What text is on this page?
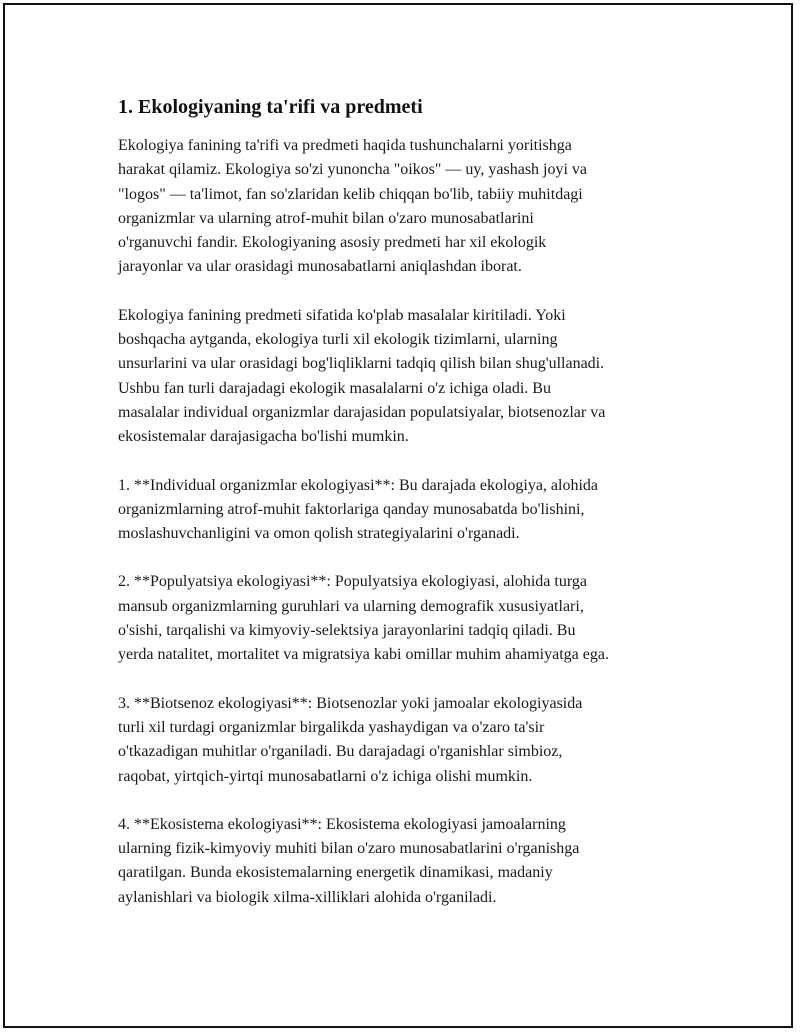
1. Ekologiyaning ta'rifi va predmeti

Ekologiya fanining ta'rifi va predmeti haqida tushunchalarni yoritishga
harakat qilamiz. Ekologiya so'zi yunoncha "oikos" — uy, yashash joyi va
"logos" — ta'limot, fan so'zlaridan kelib chiqqan bo'lib, tabiiy muhitdagi
organizmlar va ularning atrof-muhit bilan o'zaro munosabatlarini
o'rganuvchi fandir. Ekologiyaning asosiy predmeti har xil ekologik
jarayonlar va ular orasidagi munosabatlarni aniqlashdan iborat.

Ekologiya fanining predmeti sifatida ko'plab masalalar kiritiladi. Yoki
boshqacha aytganda, ekologiya turli xil ekologik tizimlarni, ularning
unsurlarini va ular orasidagi bog'liqliklarni tadqiq qilish bilan shug'ullanadi.
Ushbu fan turli darajadagi ekologik masalalarni o'z ichiga oladi. Bu
masalalar individual organizmlar darajasidan populatsiyalar, biotsenozlar va
ekosistemalar darajasigacha bo'lishi mumkin.

1. **Individual organizmlar ekologiyasi**: Bu darajada ekologiya, alohida
organizmlarning atrof-muhit faktorlariga qanday munosabatda bo'lishini,
moslashuvchanligini va omon qolish strategiyalarini o'rganadi.

2. **Populyatsiya ekologiyasi**: Populyatsiya ekologiyasi, alohida turga
mansub organizmlarning guruhlari va ularning demografik xususiyatlari,
o'sishi, tarqalishi va kimyoviy-selektsiya jarayonlarini tadqiq qiladi. Bu
yerda natalitet, mortalitet va migratsiya kabi omillar muhim ahamiyatga ega.

3. **Biotsenoz ekologiyasi**: Biotsenozlar yoki jamoalar ekologiyasida
turli xil turdagi organizmlar birgalikda yashaydigan va o'zaro ta'sir
o'tkazadigan muhitlar o'rganiladi. Bu darajadagi o'rganishlar simbioz,
raqobat, yirtqich-yirtqi munosabatlarni o'z ichiga olishi mumkin.

4. **Ekosistema ekologiyasi**: Ekosistema ekologiyasi jamoalarning
ularning fizik-kimyoviy muhiti bilan o'zaro munosabatlarini o'rganishga
qaratilgan. Bunda ekosistemalarning energetik dinamikasi, madaniy
aylanishlari va biologik xilma-xilliklari alohida o'rganiladi.
